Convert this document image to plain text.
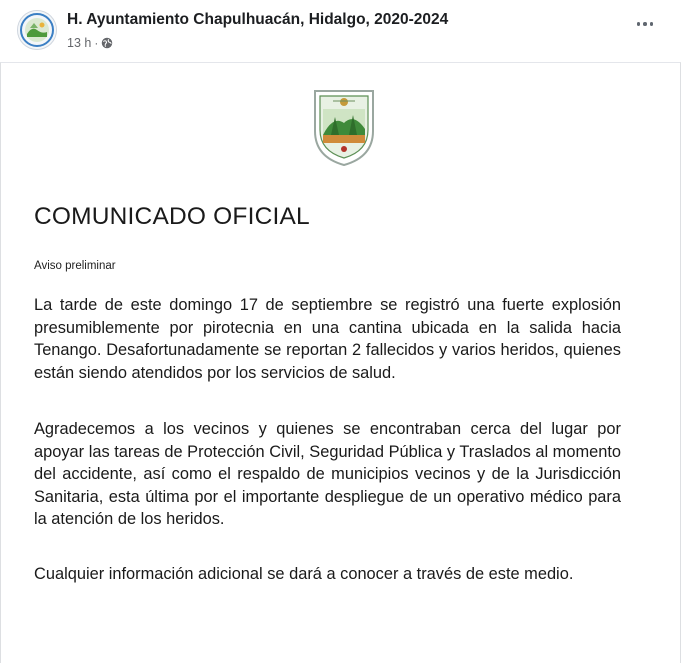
H. Ayuntamiento Chapulhuacán, Hidalgo, 2020-2024
13 h ·
COMUNICADO OFICIAL
Aviso preliminar

La tarde de este domingo 17 de septiembre se registró una fuerte explosión presumiblemente por pirotecnia en una cantina ubicada en la salida hacia Tenango. Desafortunadamente se reportan 2 fallecidos y varios heridos, quienes están siendo atendidos por los servicios de salud.

Agradecemos a los vecinos y quienes se encontraban cerca del lugar por apoyar las tareas de Protección Civil, Seguridad Pública y Traslados al momento del accidente, así como el respaldo de municipios vecinos y de la Jurisdicción Sanitaria, esta última por el importante despliegue de un operativo médico para la atención de los heridos.

Cualquier información adicional se dará a conocer a través de este medio.
